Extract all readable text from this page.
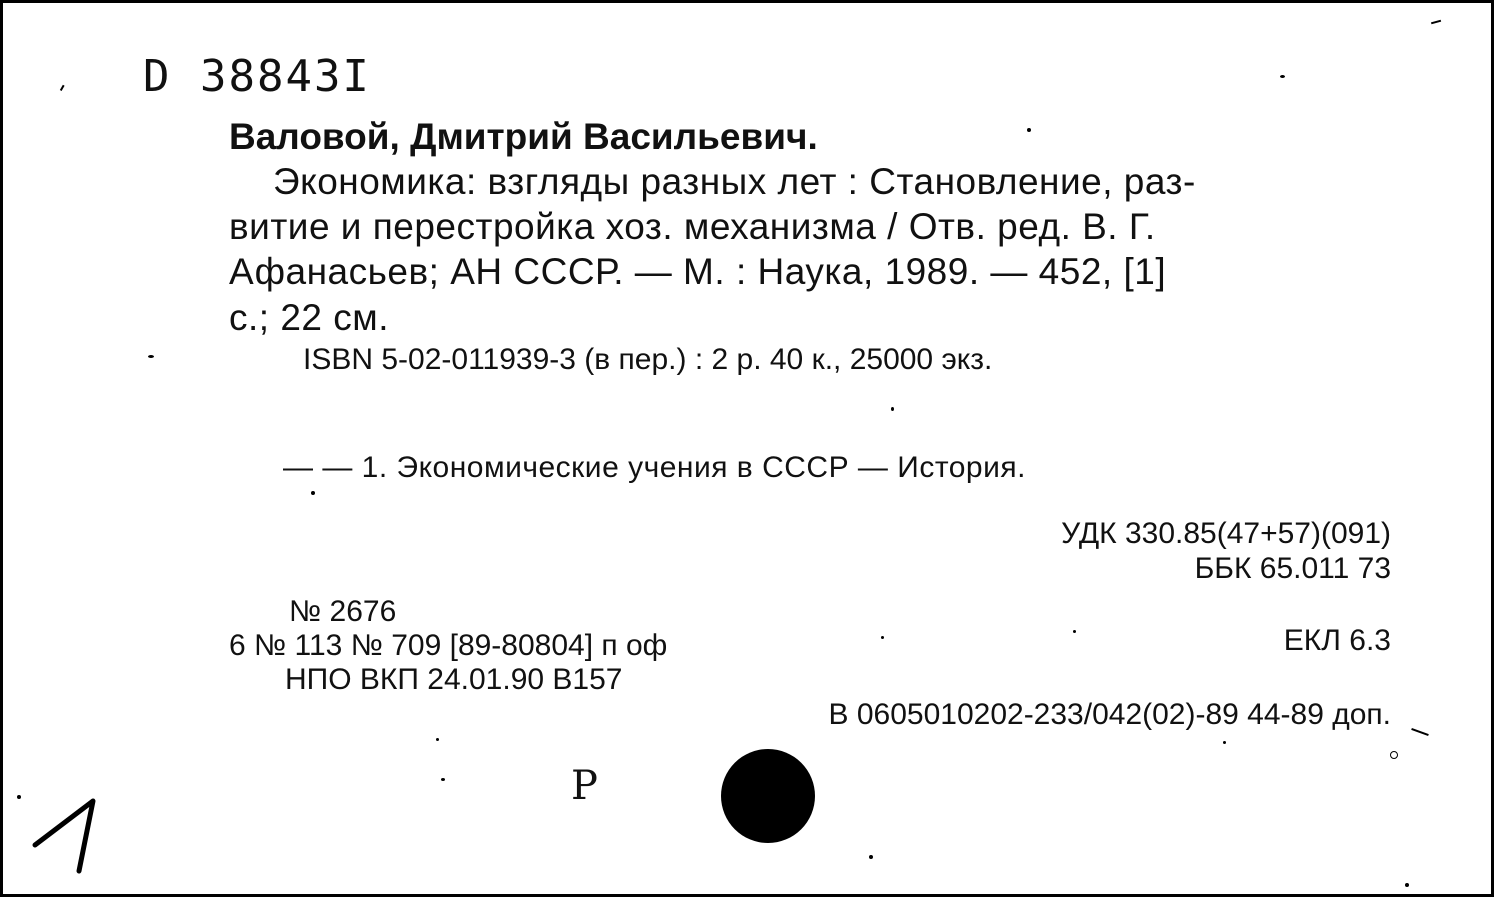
D 38843I
Валовой, Дмитрий Васильевич.
Экономика: взгляды разных лет : Становление, раз-
витие и перестройка хоз. механизма / Отв. ред. В. Г.
Афанасьев; АН СССР. — М. : Наука, 1989. — 452, [1]
с.; 22 см.
ISBN 5-02-011939-3 (в пер.) : 2 р. 40 к., 25000 экз.
— — 1. Экономические учения в СССР — История.
УДК 330.85(47+57)(091)
ББК 65.011 73
№ 2676
6 № 113 № 709 [89-80804] п оф
НПО ВКП 24.01.90 В157
ЕКЛ 6.3
В 0605010202-233/042(02)-89 44-89 доп.
Р
